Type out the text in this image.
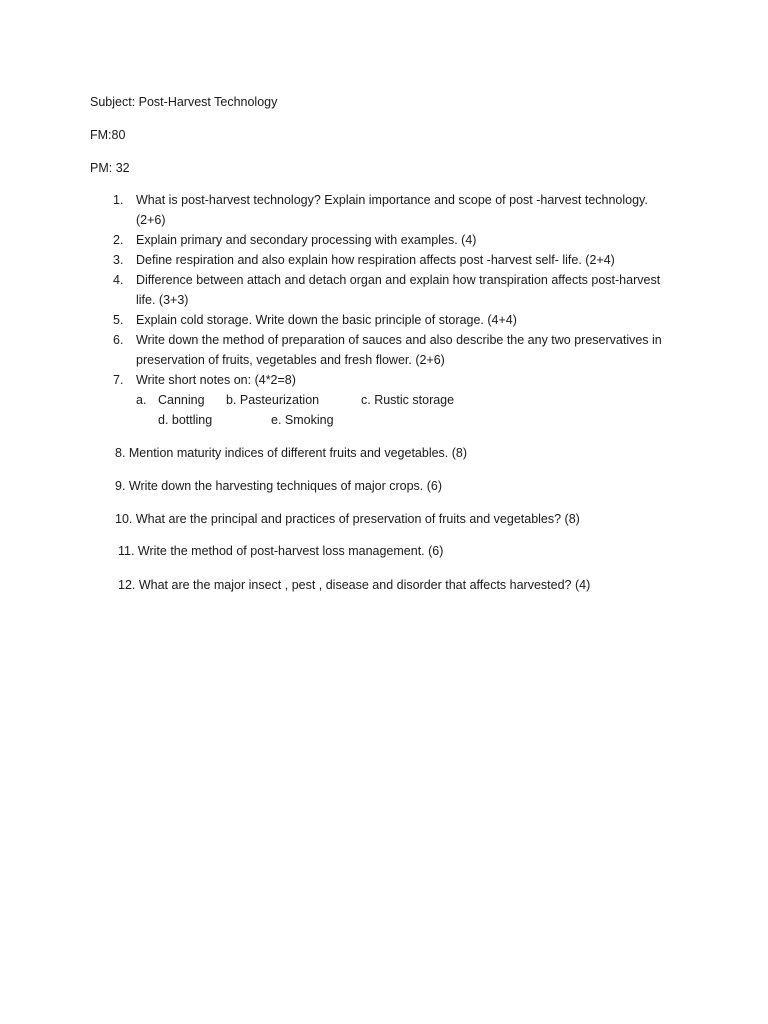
Subject: Post-Harvest Technology
FM:80
PM: 32
1. What is post-harvest technology? Explain importance and scope of post -harvest technology.
(2+6)
2. Explain primary and secondary processing with examples. (4)
3. Define respiration and also explain how respiration affects post -harvest self- life. (2+4)
4. Difference between attach and detach organ and explain how transpiration affects post-harvest
life. (3+3)
5. Explain cold storage. Write down the basic principle of storage. (4+4)
6. Write down the method of preparation of sauces and also describe the any two preservatives in
preservation of fruits, vegetables and fresh flower. (2+6)
7. Write short notes on: (4*2=8)
a. Canning b. Pasteurization	c. Rustic storage
d. bottling	e. Smoking
8. Mention maturity indices of different fruits and vegetables. (8)
9. Write down the harvesting techniques of major crops. (6)
10. What are the principal and practices of preservation of fruits and vegetables? (8)
11. Write the method of post-harvest loss management. (6)
12. What are the major insect , pest , disease and disorder that affects harvested? (4)
